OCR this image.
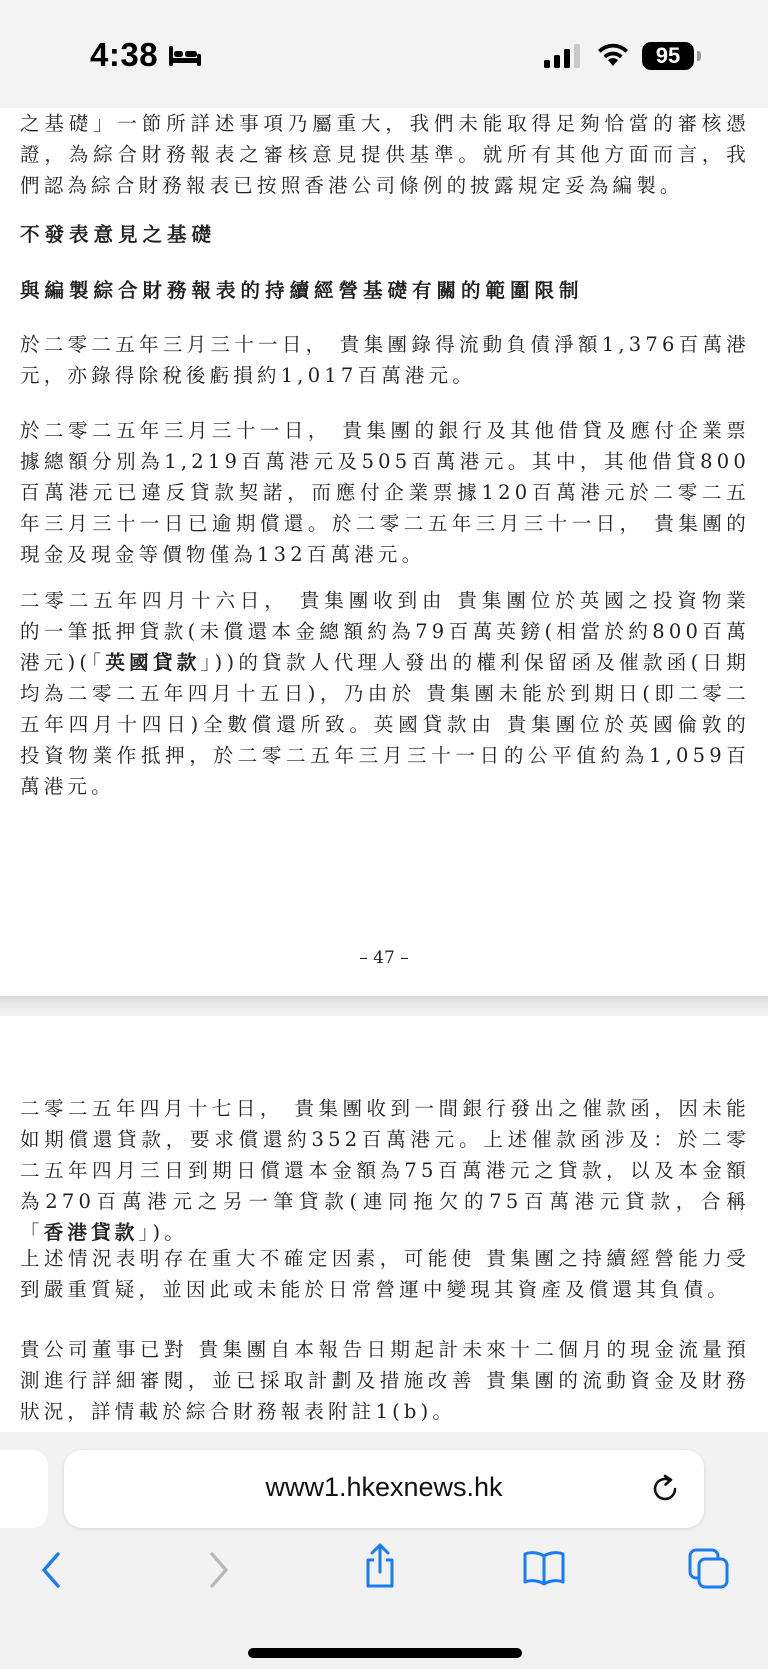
4:38	95

之基礎」一節所詳述事項乃屬重大，我們未能取得足夠恰當的審核憑證，為綜合財務報表之審核意見提供基準。就所有其他方面而言，我們認為綜合財務報表已按照香港公司條例的披露規定妥為編製。

不發表意見之基礎

與編製綜合財務報表的持續經營基礎有關的範圍限制

於二零二五年三月三十一日， 貴集團錄得流動負債淨額1,376百萬港元，亦錄得除稅後虧損約1,017百萬港元。

於二零二五年三月三十一日， 貴集團的銀行及其他借貸及應付企業票據總額分別為1,219百萬港元及505百萬港元。其中，其他借貸800百萬港元已違反貸款契諾，而應付企業票據120百萬港元於二零二五年三月三十一日已逾期償還。於二零二五年三月三十一日， 貴集團的現金及現金等價物僅為132百萬港元。

二零二五年四月十六日， 貴集團收到由 貴集團位於英國之投資物業的一筆抵押貸款(未償還本金總額約為79百萬英鎊(相當於約800百萬港元)(「英國貸款」))的貸款人代理人發出的權利保留函及催款函(日期均為二零二五年四月十五日)，乃由於 貴集團未能於到期日(即二零二五年四月十四日)全數償還所致。英國貸款由 貴集團位於英國倫敦的投資物業作抵押，於二零二五年三月三十一日的公平值約為1,059百萬港元。

– 47 –

二零二五年四月十七日， 貴集團收到一間銀行發出之催款函，因未能如期償還貸款，要求償還約352百萬港元。上述催款函涉及：於二零二五年四月三日到期日償還本金額為75百萬港元之貸款，以及本金額為270百萬港元之另一筆貸款(連同拖欠的75百萬港元貸款，合稱「香港貸款」)。

上述情況表明存在重大不確定因素，可能使 貴集團之持續經營能力受到嚴重質疑，並因此或未能於日常營運中變現其資產及償還其負債。

貴公司董事已對 貴集團自本報告日期起計未來十二個月的現金流量預測進行詳細審閱，並已採取計劃及措施改善 貴集團的流動資金及財務狀況，詳情載於綜合財務報表附註1(b)。

www1.hkexnews.hk
